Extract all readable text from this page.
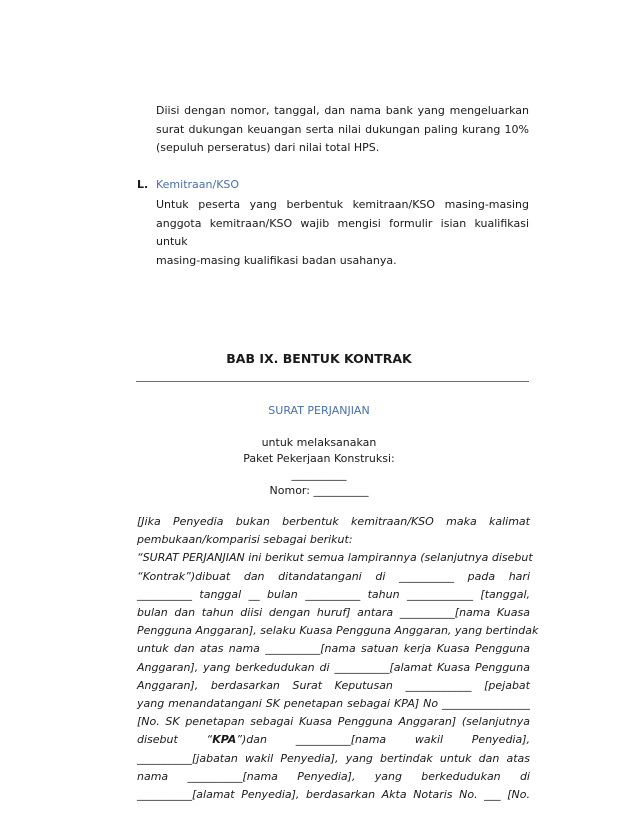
Diisi dengan nomor, tanggal, dan nama bank yang mengeluarkan
surat dukungan keuangan serta nilai dukungan paling kurang 10%
(sepuluh perseratus) dari nilai total HPS.
L. Kemitraan/KSO
Untuk peserta yang berbentuk kemitraan/KSO masing-masing
anggota kemitraan/KSO wajib mengisi formulir isian kualifikasi untuk
masing-masing kualifikasi badan usahanya.
BAB IX. BENTUK KONTRAK
SURAT PERJANJIAN
untuk melaksanakan
Paket Pekerjaan Konstruksi:
__________
Nomor: __________
[Jika Penyedia bukan berbentuk kemitraan/KSO maka kalimat
pembukaan/komparisi sebagai berikut:
“SURAT PERJANJIAN ini berikut semua lampirannya (selanjutnya disebut
“Kontrak”)dibuat dan ditandatangani di __________ pada hari
__________ tanggal __ bulan __________ tahun ____________ [tanggal,
bulan dan tahun diisi dengan huruf] antara __________[nama Kuasa
Pengguna Anggaran], selaku Kuasa Pengguna Anggaran, yang bertindak
untuk dan atas nama __________[nama satuan kerja Kuasa Pengguna
Anggaran], yang berkedudukan di __________[alamat Kuasa Pengguna
Anggaran], berdasarkan Surat Keputusan ____________ [pejabat
yang menandatangani SK penetapan sebagai KPA] No ________________
[No. SK penetapan sebagai Kuasa Pengguna Anggaran] (selanjutnya
disebut “KPA”)dan __________[nama wakil Penyedia],
__________[jabatan wakil Penyedia], yang bertindak untuk dan atas
nama __________[nama Penyedia], yang berkedudukan di
__________[alamat Penyedia], berdasarkan Akta Notaris No. ___ [No.
